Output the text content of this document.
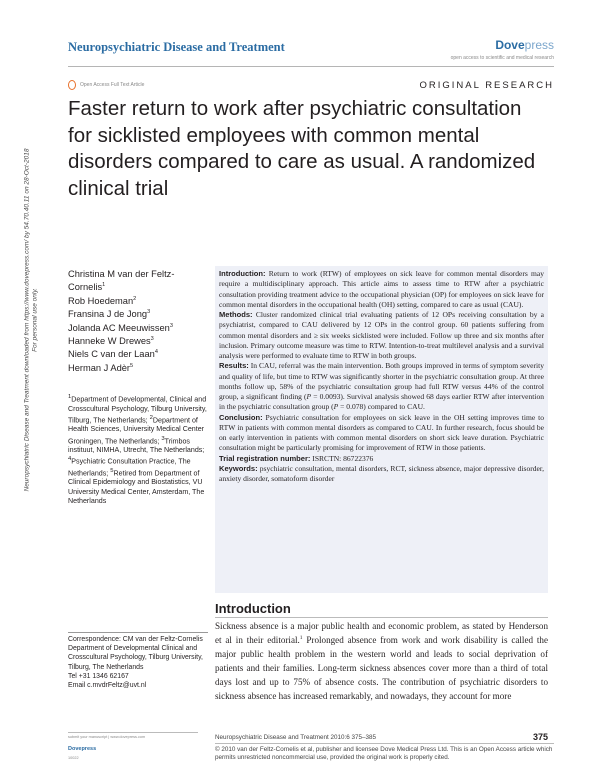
Neuropsychiatric Disease and Treatment	Dovepress
open access to scientific and medical research
Open Access Full Text Article	ORIGINAL RESEARCH
Faster return to work after psychiatric consultation for sicklisted employees with common mental disorders compared to care as usual. A randomized clinical trial
Neuropsychiatric Disease and Treatment downloaded from https://www.dovepress.com/ by 54.70.40.11 on 28-Oct-2018 For personal use only.
Christina M van der Feltz-Cornelis$^1$
Rob Hoedeman$^2$
Fransina J de Jong$^3$
Jolanda AC Meeuwissen$^3$
Hanneke W Drewes$^3$
Niels C van der Laan$^4$
Herman J Adèr$^5$
$^1$Department of Developmental, Clinical and Crosscultural Psychology, Tilburg University, Tilburg, The Netherlands; $^2$Department of Health Sciences, University Medical Center Groningen, The Netherlands; $^3$Trimbos instituut, NIMHA, Utrecht, The Netherlands; $^4$Psychiatric Consultation Practice, The Netherlands; $^5$Retired from Department of Clinical Epidemiology and Biostatistics, VU University Medical Center, Amsterdam, The Netherlands
Correspondence: CM van der Feltz-Cornelis
Department of Developmental Clinical and Crosscultural Psychology, Tilburg University, Tilburg, The Netherlands
Tel +31 1346 62167
Email c.mvdrFeltz@uvt.nl

Introduction: Return to work (RTW) of employees on sick leave for common mental disorders may require a multidisciplinary approach. This article aims to assess time to RTW after a psychiatric consultation providing treatment advice to the occupational physician (OP) for employees on sick leave for common mental disorders in the occupational health (OH) setting, compared to care as usual (CAU).

Methods: Cluster randomized clinical trial evaluating patients of 12 OPs receiving consultation by a psychiatrist, compared to CAU delivered by 12 OPs in the control group. 60 patients suffering from common mental disorders and ≥ six weeks sicklisted were included. Follow up three and six months after inclusion. Primary outcome measure was time to RTW. Intention-to-treat multilevel analysis and a survival analysis were performed to evaluate time to RTW in both groups.

Results: In CAU, referral was the main intervention. Both groups improved in terms of symptom severity and quality of life, but time to RTW was significantly shorter in the psychiatric consultation group. At three months follow up, 58% of the psychiatric consultation group had full RTW versus 44% of the control group, a significant finding (P = 0.0093). Survival analysis showed 68 days earlier RTW after intervention in the psychiatric consultation group (P = 0.078) compared to CAU.

Conclusion: Psychiatric consultation for employees on sick leave in the OH setting improves time to RTW in patients with common mental disorders as compared to CAU. In further research, focus should be on early intervention in patients with common mental disorders on short sick leave duration. Psychiatric consultation might be particularly promising for improvement of RTW in those patients.

Trial registration number: ISRCTN: 86722376

Keywords: psychiatric consultation, mental disorders, RCT, sickness absence, major depressive disorder, anxiety disorder, somatoform disorder

Introduction
Sickness absence is a major public health and economic problem, as stated by Henderson et al in their editorial.$^1$ Prolonged absence from work and work disability is called the major public health problem in the western world and leads to social deprivation of patients and their families. Long-term sickness absences cover more than a third of total days lost and up to 75% of absence costs. The contribution of psychiatric disorders to sickness absence has increased remarkably, and nowadays, they account for more
submit your manuscript | www.dovepress.com
Dovepress
10022
Neuropsychiatric Disease and Treatment 2010:6 375–385	375
© 2010 van der Feltz-Cornelis et al, publisher and licensee Dove Medical Press Ltd. This is an Open Access article which permits unrestricted noncommercial use, provided the original work is properly cited.
